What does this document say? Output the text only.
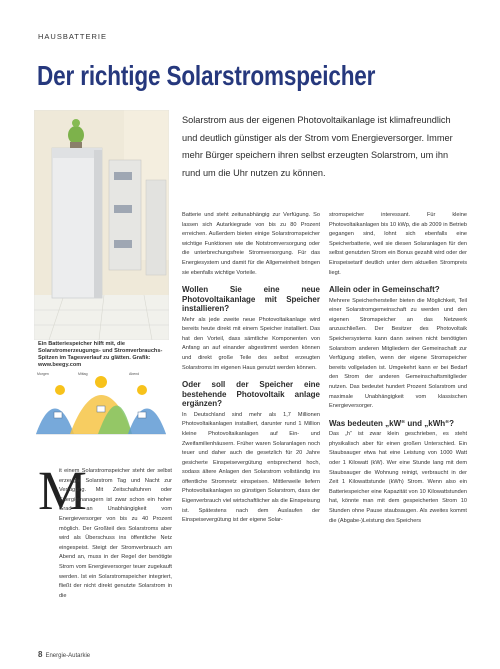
HAUSBATTERIE
Der richtige Solarstromspeicher

Ein Batteriespeicher hilft mit, die Solarstromerzeugungs- und Stromverbrauchs-Spitzen im Tagesverlauf zu glätten. Grafik: www.beegy.com

Morgen	Mittag	Abend

Solarstrom aus der eigenen Photovoltaikanlage ist klimafreundlich und deutlich günstiger als der Strom vom Energieversorger. Immer mehr Bürger speichern ihren selbst erzeugten Solarstrom, um ihn rund um die Uhr nutzen zu können.

M

it einem Solarstromspeicher steht der selbst erzeugte Solarstrom Tag und Nacht zur Verfügung. Mit Zeitschaltuhren oder Energiemanagern ist zwar schon ein hoher Grad an Unabhängigkeit vom Energieversorger von bis zu 40 Prozent möglich. Der Großteil des Solarstroms aber wird als Überschuss ins öffentliche Netz eingespeist. Steigt der Stromverbrauch am Abend an, muss in der Regel der benötigte Strom vom Energieversorger teuer zugekauft werden. Ist ein Solarstromspeicher integriert, fließt der nicht direkt genutzte Solarstrom in die

Batterie und steht zeitunabhängig zur Verfügung. So lassen sich Autarkiegrade von bis zu 80 Prozent erreichen. Außerdem bieten einige Solarstromspeicher wichtige Funktionen wie die Notstromversorgung oder die unterbrechungsfreie Stromversorgung. Für das Energiesystem und damit für die Allgemeinheit bringen sie ebenfalls wichtige Vorteile.

Wollen Sie eine neue Photovoltaikanlage mit Speicher installieren?

Mehr als jede zweite neue Photovoltaikanlage wird bereits heute direkt mit einem Speicher installiert. Das hat den Vorteil, dass sämtliche Komponenten von Anfang an auf einander abgestimmt werden können und direkt große Teile des selbst erzeugten Solarstroms im eigenen Haus genutzt werden können.

Oder soll der Speicher eine bestehende Photovoltaik anlage ergänzen?

In Deutschland sind mehr als 1,7 Millionen Photovoltaikanlagen installiert, darunter rund 1 Million kleine Photovoltaikanlagen auf Ein- und Zweifamilienhäusern. Früher waren Solaranlagen noch teuer und daher auch die gesetzlich für 20 Jahre gesicherte Einspeisevergütung entsprechend hoch, sodass ältere Anlagen den Solarstrom vollständig ins öffentliche Stromnetz einspeisen. Mittlerweile liefern Photovoltaikanlagen so günstigen Solarstrom, dass der Eigenverbrauch viel wirtschaftlicher als die Einspeisung ist. Spätestens nach dem Auslaufen der Einspeisevergütung ist der eigene Solar-

stromspeicher interessant. Für kleine Photovoltaikanlagen bis 10 kWp, die ab 2009 in Betrieb gegangen sind, lohnt sich ebenfalls eine Speicherbatterie, weil sie diesen Solaranlagen für den selbst genutzten Strom ein Bonus gezahlt wird oder der Einspeisetarif deutlich unter dem aktuellen Strompreis liegt.

Allein oder in Gemeinschaft?

Mehrere Speicherhersteller bieten die Möglichkeit, Teil einer Solarstromgemeinschaft zu werden und den eigenen Stromspeicher an das Netzwerk anzuschließen. Der Besitzer des Photovoltaik Speichersystems kann dann seinen nicht benötigten Solarstrom anderen Mitgliedern der Gemeinschaft zur Verfügung stellen, wenn der eigene Stromspeicher bereits vollgeladen ist. Umgekehrt kann er bei Bedarf den Strom der anderen Gemeinschaftsmitglieder nutzen. Das bedeutet hundert Prozent Solarstrom und maximale Unabhängigkeit vom klassischen Energieversorger.

Was bedeuten „kW“ und „kWh“?

Das „h“ ist zwar klein geschrieben, es steht physikalisch aber für einen großen Unterschied. Ein Staubsauger etwa hat eine Leistung von 1000 Watt oder 1 Kilowatt (kW). Wer eine Stunde lang mit dem Staubsauger die Wohnung reinigt, verbraucht in der Zeit 1 Kilowattstunde (kWh) Strom. Wenn also ein Batteriespeicher eine Kapazität von 10 Kilowattstunden hat, könnte man mit dem gespeicherten Strom 10 Stunden ohne Pause staubsaugen. Als zweites kommt die (Abgabe-)Leistung des Speichers

8 Energie-Autarkie
